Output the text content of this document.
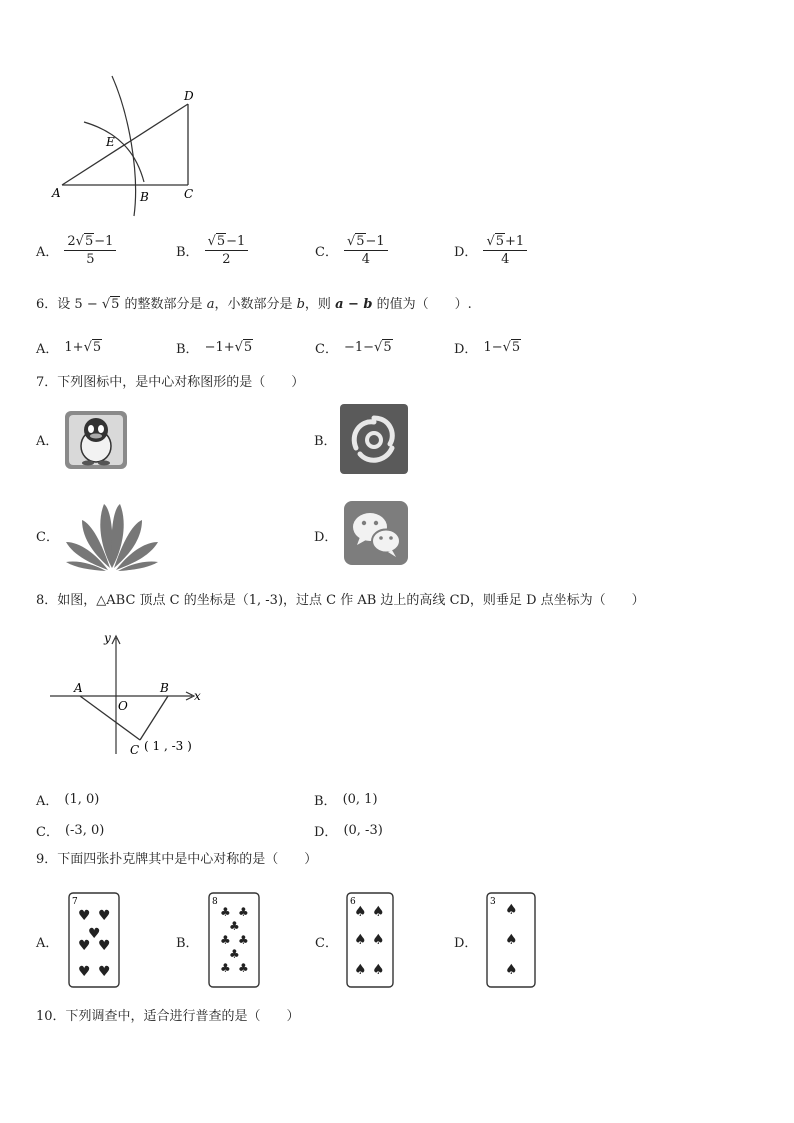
D
E
A	B	C
A． $\frac{2√5-1}{5}$	B． $\frac{√5-1}{2}$	C． $\frac{√5-1}{4}$	D． $\frac{√5+1}{4}$
6．设 5 − √5 的整数部分是 a，小数部分是 b，则 a − b 的值为（　　）.
A． 1+√5	B． −1+√5	C． −1−√5	D． 1−√5
7．下列图标中，是中心对称图形的是（　　）
A．	B．
C．	D．
8．如图，△ABC 顶点 C 的坐标是（1, -3)，过点 C 作 AB 边上的高线 CD，则垂足 D 点坐标为（　　）
y
x
A	B
O
C ( 1 , -3 )
A． (1, 0)	B． (0, 1)
C． (-3, 0)	D． (0, -3)
9．下面四张扑克牌其中是中心对称的是（　　）
A．
7
♥ ♥
♥
♥ ♥
♥ ♥
B．
8
♣ ♣
♣
♣ ♣
♣
♣ ♣
C．
6
♠ ♠
♠ ♠
♠ ♠
D．
3 ♠
♠
♠
10．下列调查中，适合进行普查的是（　　）
